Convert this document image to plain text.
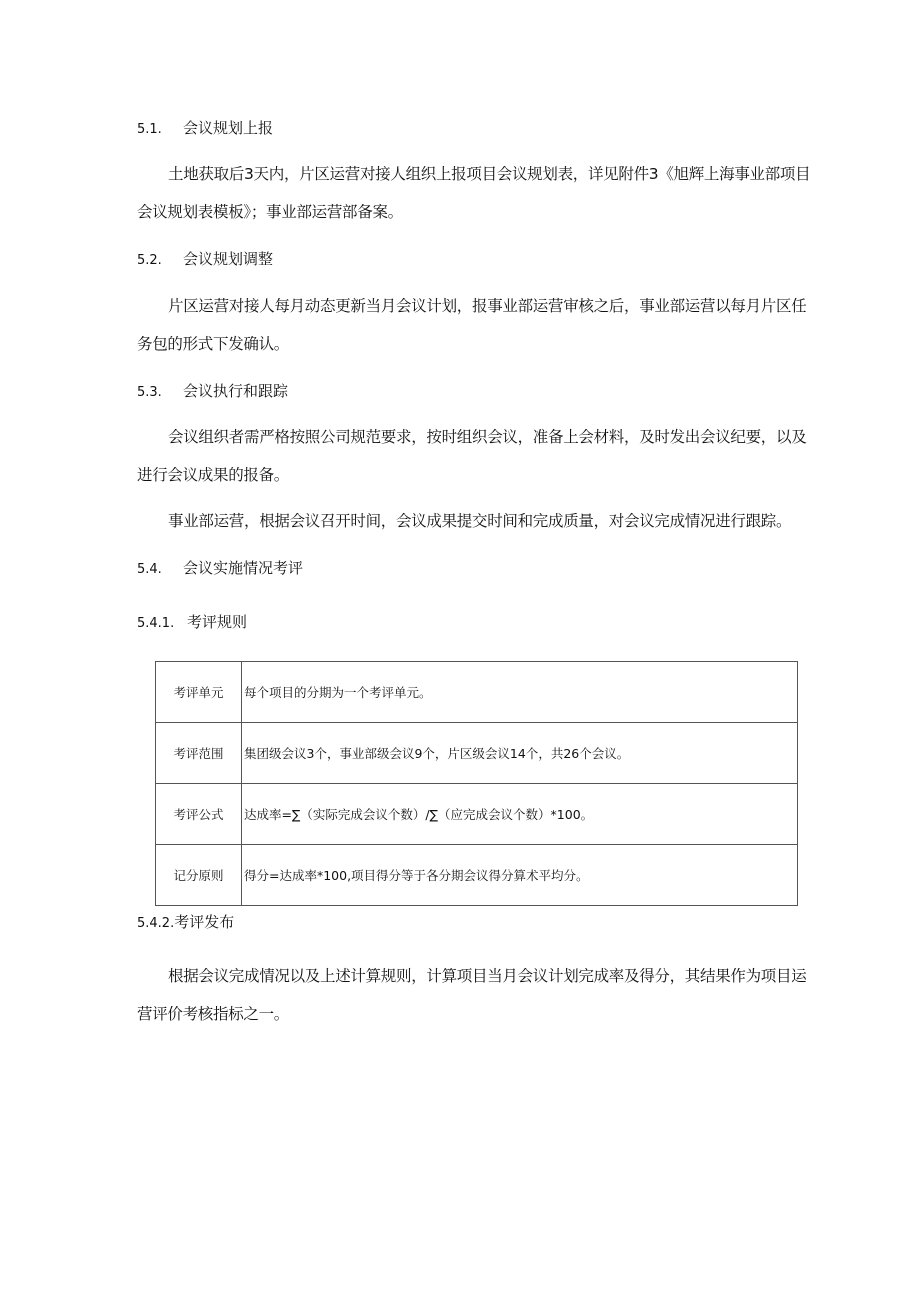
5.1. 会议规划上报
土地获取后3天内，片区运营对接人组织上报项目会议规划表，详见附件3《旭辉上海事业部项目会议规划表模板》；事业部运营部备案。
5.2. 会议规划调整
片区运营对接人每月动态更新当月会议计划，报事业部运营审核之后，事业部运营以每月片区任务包的形式下发确认。
5.3. 会议执行和跟踪
会议组织者需严格按照公司规范要求，按时组织会议，准备上会材料，及时发出会议纪要，以及进行会议成果的报备。
事业部运营，根据会议召开时间，会议成果提交时间和完成质量，对会议完成情况进行跟踪。
5.4. 会议实施情况考评
5.4.1. 考评规则
考评单元	每个项目的分期为一个考评单元。
考评范围	集团级会议3个，事业部级会议9个，片区级会议14个，共26个会议。
考评公式	达成率=∑（实际完成会议个数）/∑（应完成会议个数）*100。
记分原则	得分=达成率*100,项目得分等于各分期会议得分算术平均分。
5.4.2.考评发布
根据会议完成情况以及上述计算规则，计算项目当月会议计划完成率及得分，其结果作为项目运营评价考核指标之一。
